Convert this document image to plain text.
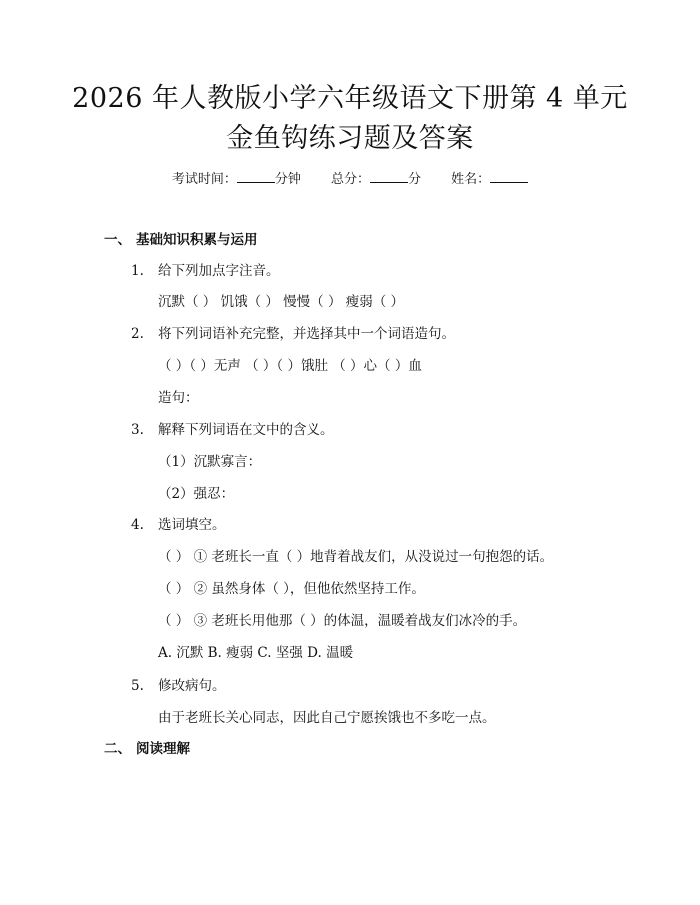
2026 年人教版小学六年级语文下册第 4 单元
金鱼钩练习题及答案
考试时间：	分钟 总分：	分 姓名：
一、 基础知识积累与运用
1. 给下列加点字注音。
沉默（ ） 饥饿（ ） 慢慢（ ） 瘦弱（ ）
2. 将下列词语补充完整，并选择其中一个词语造句。
（ ）（ ）无声 （ ）（ ）饿肚 （ ）心（ ）血
造句：
3. 解释下列词语在文中的含义。
（1）沉默寡言：
（2）强忍：
4. 选词填空。
（ ） ① 老班长一直（ ）地背着战友们，从没说过一句抱怨的话。
（ ） ② 虽然身体（ ），但他依然坚持工作。
（ ） ③ 老班长用他那（ ）的体温，温暖着战友们冰冷的手。
A. 沉默 B. 瘦弱 C. 坚强 D. 温暖
5. 修改病句。
由于老班长关心同志，因此自己宁愿挨饿也不多吃一点。
二、 阅读理解
